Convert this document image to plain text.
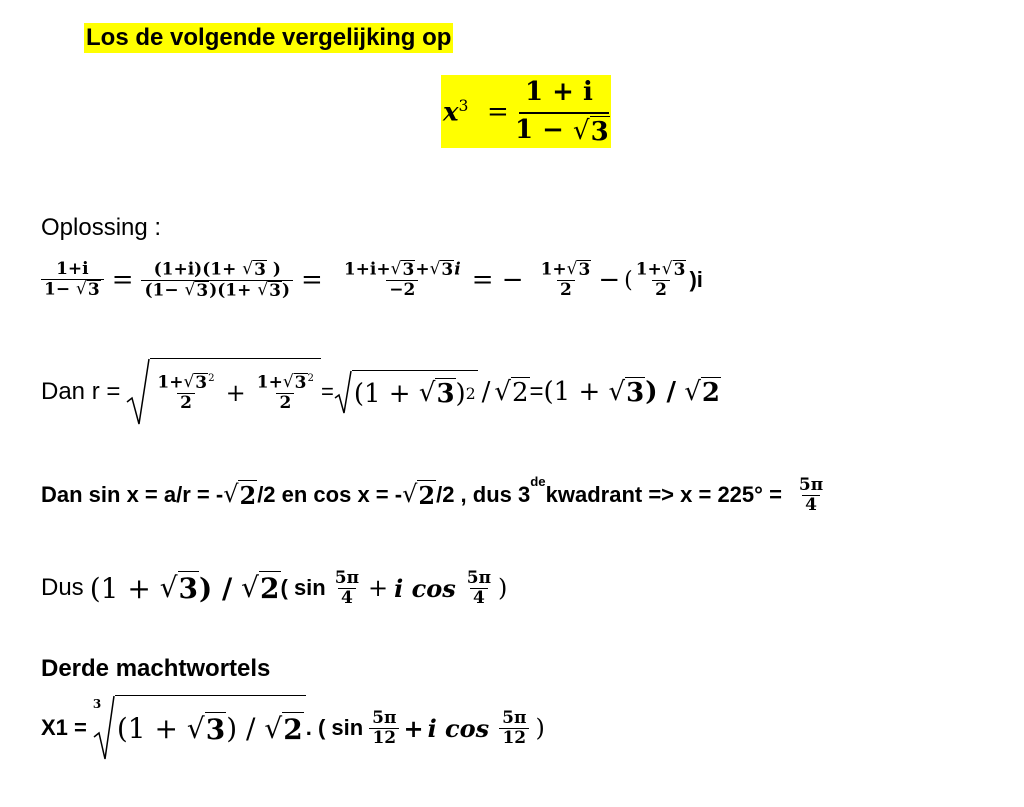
Los de volgende vergelijking op
$x^3$ =
1 + i
1 − √ 3
Oplossing :
$\frac{1+i}{1- √ 3} = \frac{(1+i)(1+ √ 3 )}{(1- √ 3 )(1+ √ 3 )} = \frac{1+i+ √ 3 + √ 3 i}{-2}$ = − $\frac{1+ √ 3}{2}$ − ( $\frac{1+ √ 3}{2} )i$
Dan $r = \frac{1+ √ 3 ^2}{2} + \frac{1+ √ 3 ^2}{2} = (1$ +
√ 3 ) 2 / √ 2 = (1 +
√ 3 ) /
√ 2
Dan sin x = a/r = - √ 2 /2 en cos x = - √ 2 /2 , dus 3
$^{de}$
kwadrant => $x = 225^\circ = \frac{5\pi}{4}$
Dus (1 +
√ 3 ) /
√ 2 ( $\sin \frac{5\pi}{4} + i$ $\cos \frac{5\pi}{4}$ )
Derde machtwortels
X1 =
3
(1 +
√ 3 ) /
√ 2 . ( $\sin \frac{5\pi}{12} + i$ $\cos \frac{5\pi}{12}$ )
